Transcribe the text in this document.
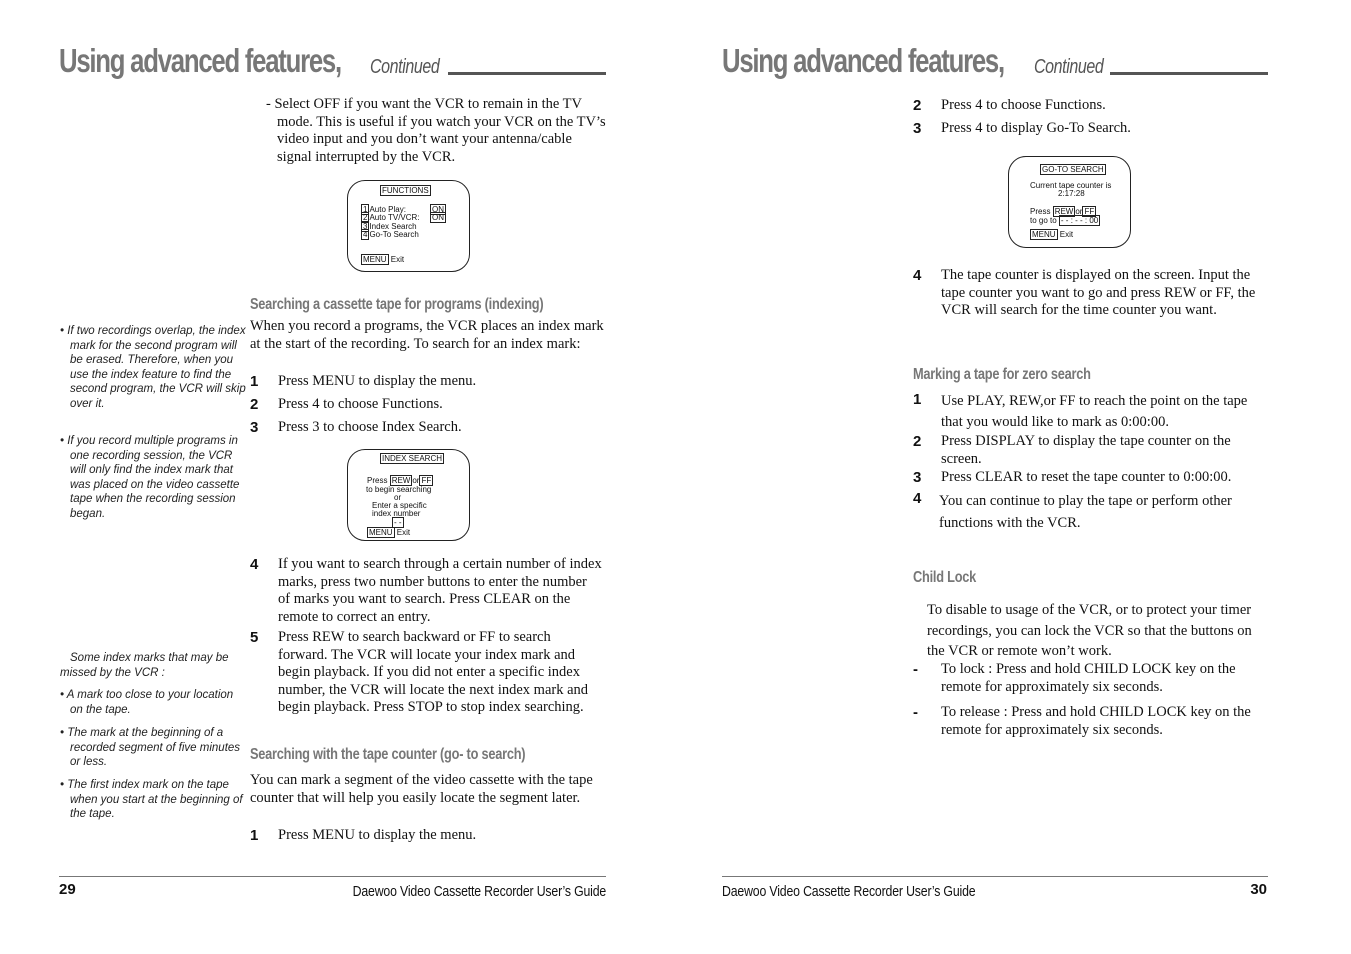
Using advanced features, Continued
- Select OFF if you want the VCR to remain in the TV mode. This is useful if you watch your VCR on the TV’s video input and you don’t want your antenna/cable signal interrupted by the VCR.
FUNCTIONS
1 Auto Play:	ON
2 Auto TV/VCR: ON
3 Index Search
4 Go-To Search
MENU Exit
Searching a cassette tape for programs (indexing)
When you record a programs, the VCR places an index mark at the start of the recording. To search for an index mark:
1 Press MENU to display the menu.
2 Press 4 to choose Functions.
3 Press 3 to choose Index Search.
INDEX SEARCH
Press REW or FF
to begin searching
or
Enter a specific
index number
- -
MENU Exit
4 If you want to search through a certain number of index marks, press two number buttons to enter the number of marks you want to search. Press CLEAR on the remote to correct an entry.
5 Press REW to search backward or FF to search forward. The VCR will locate your index mark and begin playback. If you did not enter a specific index number, the VCR will locate the next index mark and begin playback. Press STOP to stop index searching.
Searching with the tape counter (go- to search)
You can mark a segment of the video cassette with the tape counter that will help you easily locate the segment later.
1 Press MENU to display the menu.
• If two recordings overlap, the index mark for the second program will be erased. Therefore, when you use the index feature to find the second program, the VCR will skip over it.
• If you record multiple programs in one recording session, the VCR will only find the index mark that was placed on the video cassette tape when the recording session began.
Some index marks that may be missed by the VCR :
• A mark too close to your location on the tape.
• The mark at the beginning of a recorded segment of five minutes or less.
• The first index mark on the tape when you start at the beginning of the tape.
29	Daewoo Video Cassette Recorder User’s Guide
Using advanced features, Continued
2 Press 4 to choose Functions.
3 Press 4 to display Go-To Search.
GO-TO SEARCH
Current tape counter is
2:17:28
Press REW or FF
to go to - - : - - : 00
MENU Exit
4 The tape counter is displayed on the screen. Input the tape counter you want to go and press REW or FF, the VCR will search for the time counter you want.
Marking a tape for zero search
1 Use PLAY, REW,or FF to reach the point on the tape that you would like to mark as 0:00:00.
2 Press DISPLAY to display the tape counter on the screen.
3 Press CLEAR to reset the tape counter to 0:00:00.
4 You can continue to play the tape or perform other functions with the VCR.
Child Lock
To disable to usage of the VCR, or to protect your timer recordings, you can lock the VCR so that the buttons on the VCR or remote won’t work.
- To lock : Press and hold CHILD LOCK key on the remote for approximately six seconds.
- To release : Press and hold CHILD LOCK key on the remote for approximately six seconds.
Daewoo Video Cassette Recorder User’s Guide	30
